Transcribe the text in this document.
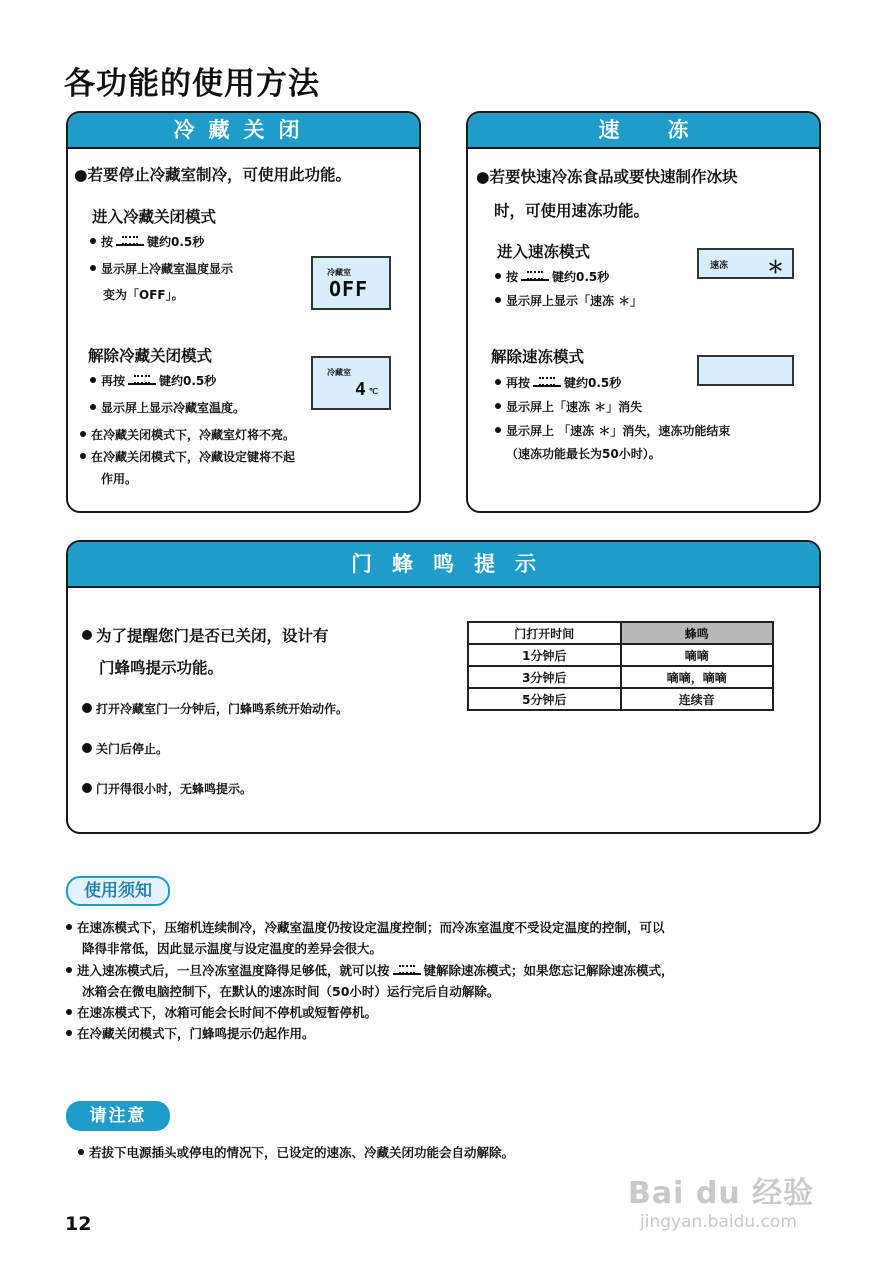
各功能的使用方法
冷藏关闭
●若要停止冷藏室制冷，可使用此功能。
进入冷藏关闭模式
按	键约0.5秒
显示屏上冷藏室温度显示
变为「OFF」。
冷藏室
OFF
解除冷藏关闭模式
再按	键约0.5秒
显示屏上显示冷藏室温度。
冷藏室
4 ℃
在冷藏关闭模式下，冷藏室灯将不亮。
在冷藏关闭模式下，冷藏设定键将不起
作用。
速冻
●若要快速冷冻食品或要快速制作冰块
时，可使用速冻功能。
进入速冻模式
按	键约0.5秒
显示屏上显示「速冻 ＊」
速冻 ＊
解除速冻模式
再按	键约0.5秒
显示屏上「速冻 ＊」消失
显示屏上 「速冻 ＊」消失，速冻功能结束
（速冻功能最长为50小时）。
门蜂鸣提示
为了提醒您门是否已关闭，设计有
门蜂鸣提示功能。
打开冷藏室门一分钟后，门蜂鸣系统开始动作。
关门后停止。
门开得很小时，无蜂鸣提示。
门打开时间	蜂鸣
1分钟后	嘀嘀
3分钟后	嘀嘀，嘀嘀
5分钟后	连续音
使用须知
在速冻模式下，压缩机连续制冷，冷藏室温度仍按设定温度控制；而冷冻室温度不受设定温度的控制，可以
降得非常低，因此显示温度与设定温度的差异会很大。
进入速冻模式后，一旦冷冻室温度降得足够低，就可以按	键解除速冻模式；如果您忘记解除速冻模式，
冰箱会在微电脑控制下，在默认的速冻时间（50小时）运行完后自动解除。
在速冻模式下，冰箱可能会长时间不停机或短暂停机。
在冷藏关闭模式下，门蜂鸣提示仍起作用。
请注意
若拔下电源插头或停电的情况下，已设定的速冻、冷藏关闭功能会自动解除。
Bai du 经验
jingyan.baidu.com
12
